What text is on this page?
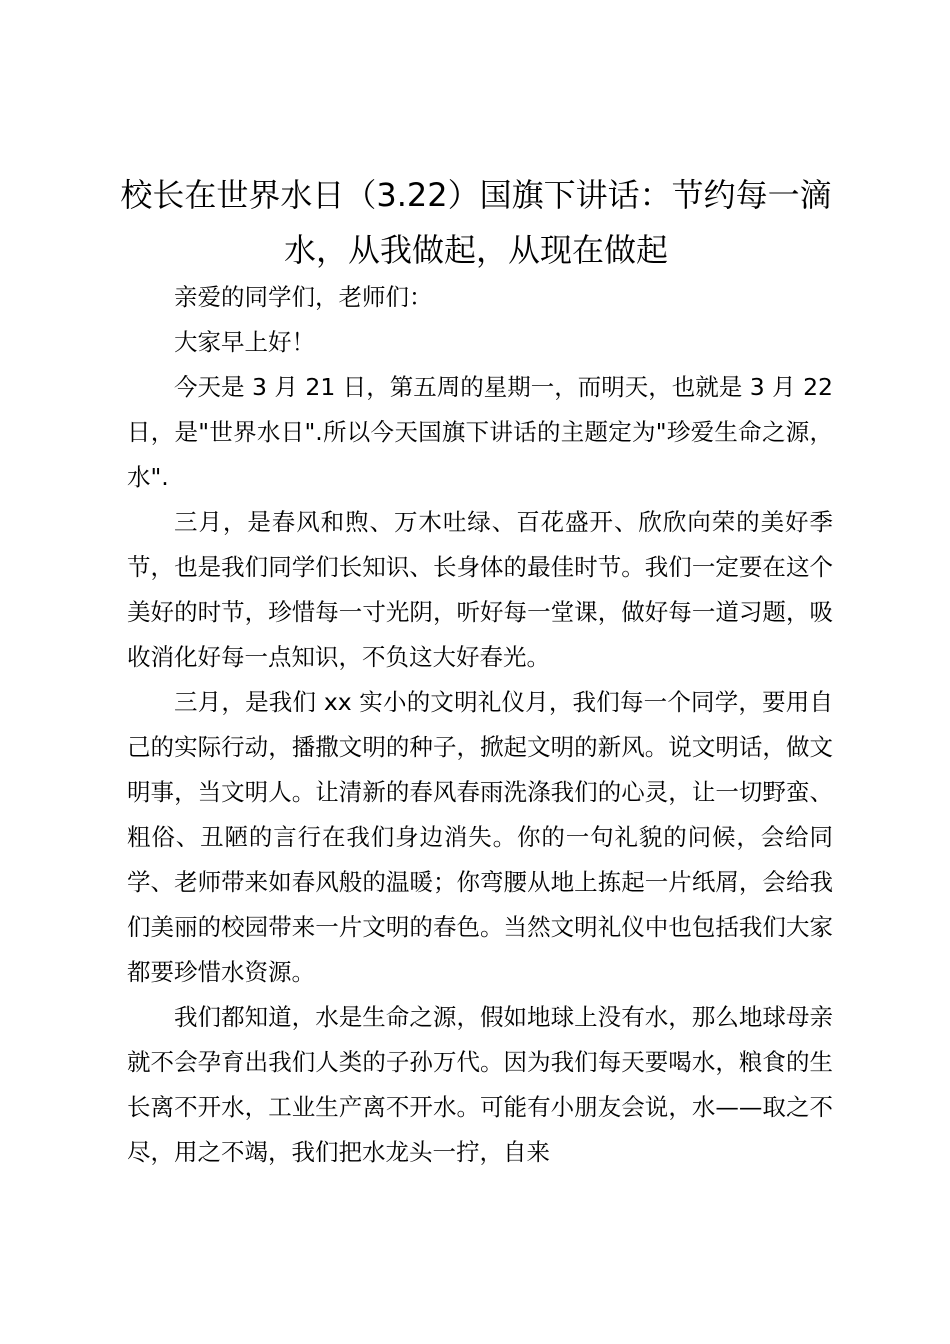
校长在世界水日（3.22）国旗下讲话：节约每一滴水，从我做起，从现在做起

亲爱的同学们，老师们：

大家早上好！

今天是 3 月 21 日，第五周的星期一，而明天，也就是 3 月 22 日，是"世界水日".所以今天国旗下讲话的主题定为"珍爱生命之源，水".

三月，是春风和煦、万木吐绿、百花盛开、欣欣向荣的美好季节，也是我们同学们长知识、长身体的最佳时节。我们一定要在这个美好的时节，珍惜每一寸光阴，听好每一堂课，做好每一道习题，吸收消化好每一点知识，不负这大好春光。

三月，是我们 xx 实小的文明礼仪月，我们每一个同学，要用自己的实际行动，播撒文明的种子，掀起文明的新风。说文明话，做文明事，当文明人。让清新的春风春雨洗涤我们的心灵，让一切野蛮、粗俗、丑陋的言行在我们身边消失。你的一句礼貌的问候，会给同学、老师带来如春风般的温暖；你弯腰从地上拣起一片纸屑，会给我们美丽的校园带来一片文明的春色。当然文明礼仪中也包括我们大家都要珍惜水资源。

我们都知道，水是生命之源，假如地球上没有水，那么地球母亲就不会孕育出我们人类的子孙万代。因为我们每天要喝水，粮食的生长离不开水，工业生产离不开水。可能有小朋友会说，水——取之不尽，用之不竭，我们把水龙头一拧，自来
